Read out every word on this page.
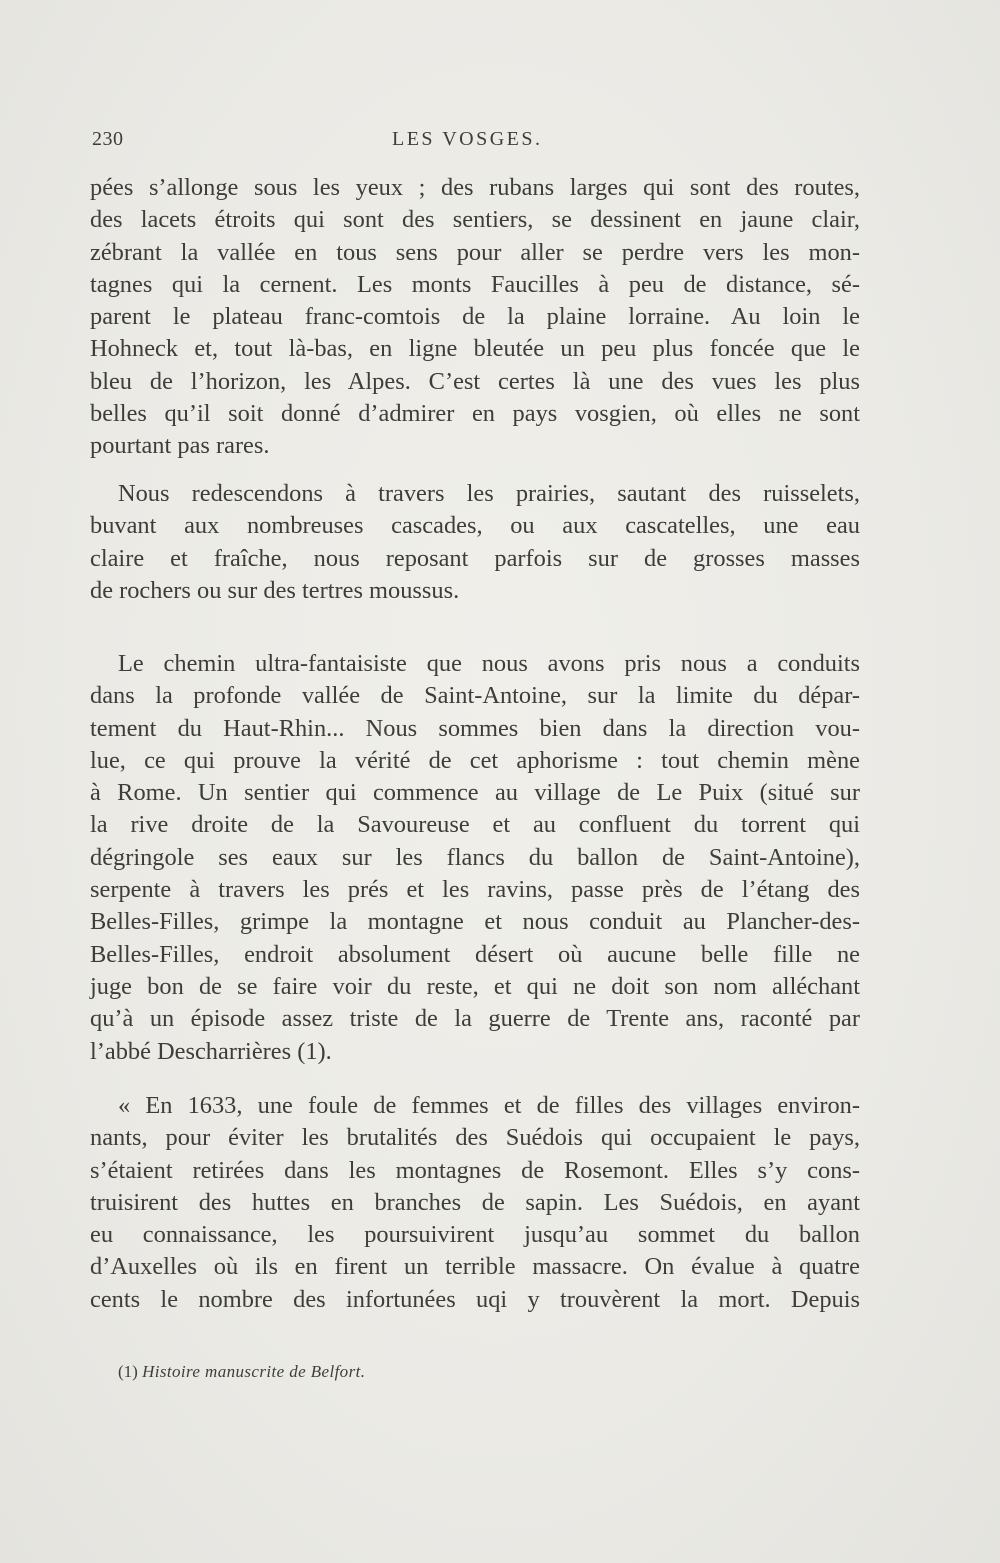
230	LES VOSGES.
pées s’allonge sous les yeux ; des rubans larges qui sont des routes,
des lacets étroits qui sont des sentiers, se dessinent en jaune clair,
zébrant la vallée en tous sens pour aller se perdre vers les mon-
tagnes qui la cernent. Les monts Faucilles à peu de distance, sé-
parent le plateau franc-comtois de la plaine lorraine. Au loin le
Hohneck et, tout là-bas, en ligne bleutée un peu plus foncée que le
bleu de l’horizon, les Alpes. C’est certes là une des vues les plus
belles qu’il soit donné d’admirer en pays vosgien, où elles ne sont
pourtant pas rares.
Nous redescendons à travers les prairies, sautant des ruisselets,
buvant aux nombreuses cascades, ou aux cascatelles, une eau
claire et fraîche, nous reposant parfois sur de grosses masses
de rochers ou sur des tertres moussus.
Le chemin ultra-fantaisiste que nous avons pris nous a conduits
dans la profonde vallée de Saint-Antoine, sur la limite du dépar-
tement du Haut-Rhin... Nous sommes bien dans la direction vou-
lue, ce qui prouve la vérité de cet aphorisme : tout chemin mène
à Rome. Un sentier qui commence au village de Le Puix (situé sur
la rive droite de la Savoureuse et au confluent du torrent qui
dégringole ses eaux sur les flancs du ballon de Saint-Antoine),
serpente à travers les prés et les ravins, passe près de l’étang des
Belles-Filles, grimpe la montagne et nous conduit au Plancher-des-
Belles-Filles, endroit absolument désert où aucune belle fille ne
juge bon de se faire voir du reste, et qui ne doit son nom alléchant
qu’à un épisode assez triste de la guerre de Trente ans, raconté par
l’abbé Descharrières (1).
« En 1633, une foule de femmes et de filles des villages environ-
nants, pour éviter les brutalités des Suédois qui occupaient le pays,
s’étaient retirées dans les montagnes de Rosemont. Elles s’y cons-
truisirent des huttes en branches de sapin. Les Suédois, en ayant
eu connaissance, les poursuivirent jusqu’au sommet du ballon
d’Auxelles où ils en firent un terrible massacre. On évalue à quatre
cents le nombre des infortunées uqi y trouvèrent la mort. Depuis
(1) Histoire manuscrite de Belfort.
